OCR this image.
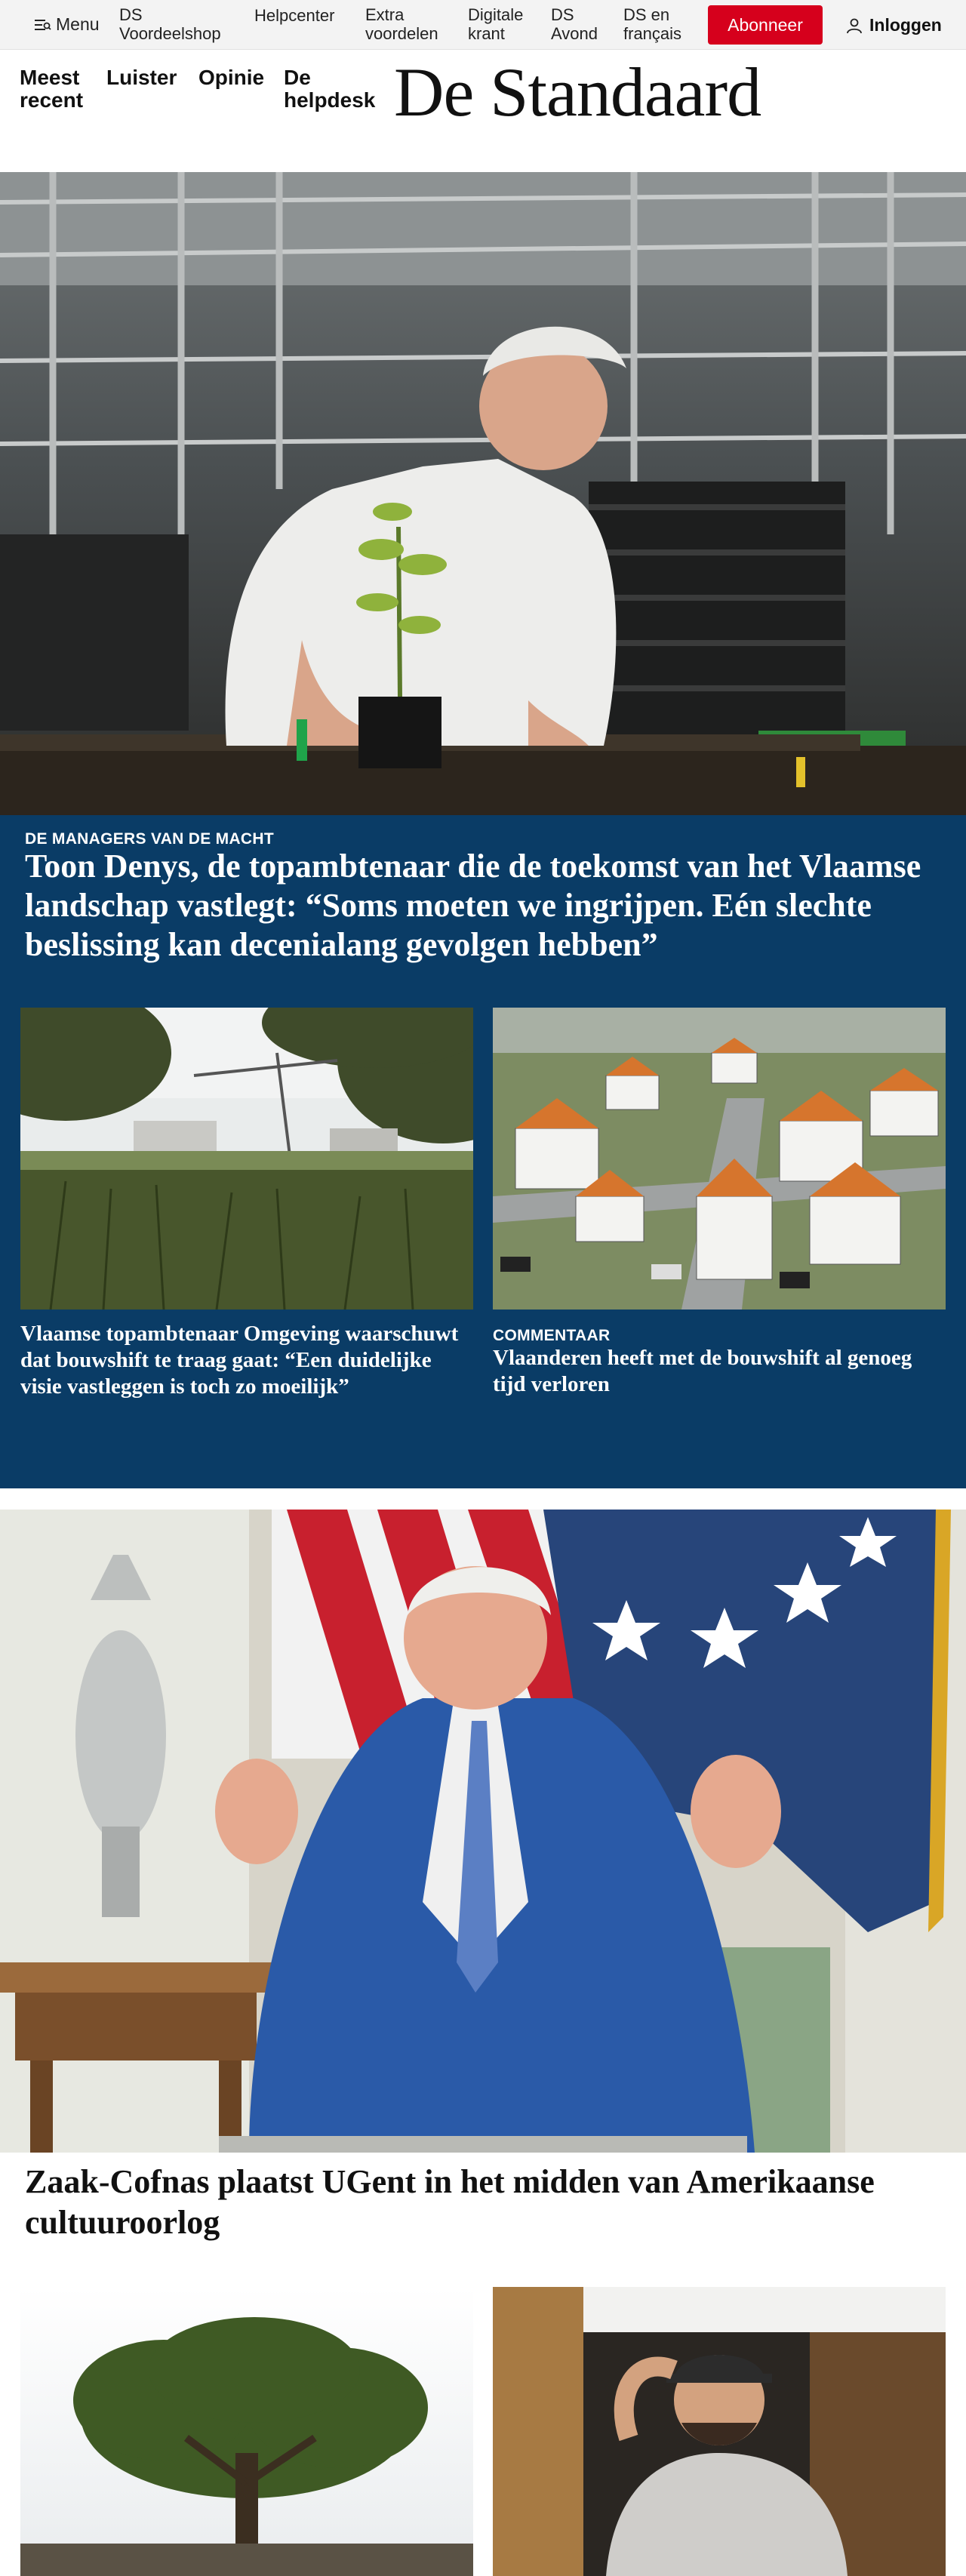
Menu DS
Voordeelshop
Helpcenter Extra
voordelen
Digitale
krant
DS
Avond
DS en
français	Abonneer	Inloggen
Meest
recent
Luister Opinie De
helpdesk De Standaard
DE MANAGERS VAN DE MACHT
Toon Denys, de topambtenaar die de toekomst van het Vlaamse landschap vastlegt: “Soms moeten we ingrijpen. Eén slechte beslissing kan decenialang gevolgen hebben”
Vlaamse topambtenaar Omgeving waarschuwt dat bouwshift te traag gaat: “Een duidelijke visie vastleggen is toch zo moeilijk”
COMMENTAAR
Vlaanderen heeft met de bouwshift al genoeg tijd verloren
Zaak-Cofnas plaatst UGent in het midden van Amerikaanse cultuuroorlog
